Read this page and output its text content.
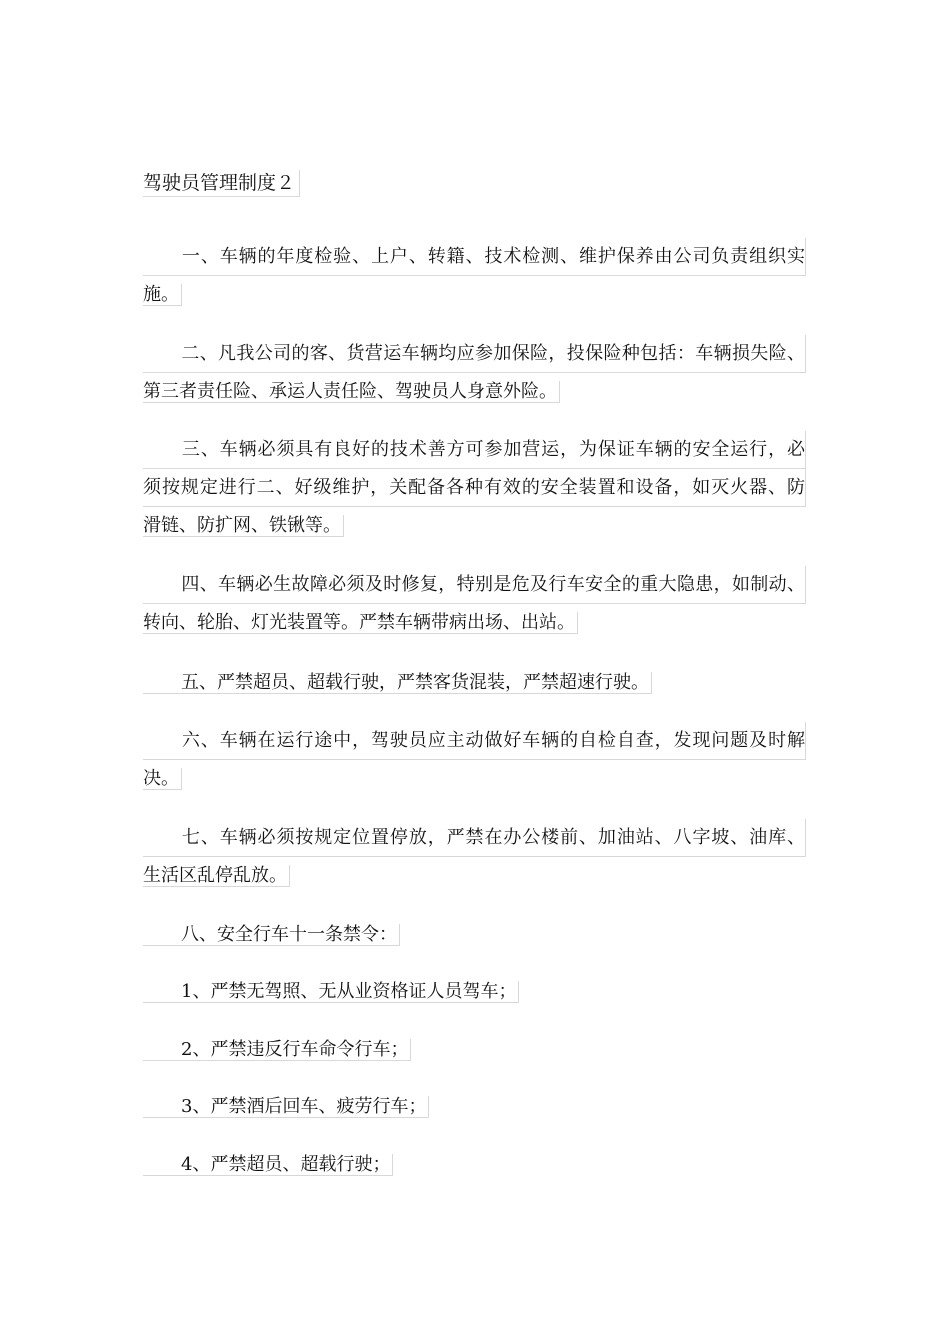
驾驶员管理制度２
一、车辆的年度检验、上户、转籍、技术检测、维护保养由公司负责组织实
施。
二、凡我公司的客、货营运车辆均应参加保险，投保险种包括：车辆损失险、
第三者责任险、承运人责任险、驾驶员人身意外险。
三、车辆必须具有良好的技术善方可参加营运，为保证车辆的安全运行，必
须按规定进行二、好级维护，关配备各种有效的安全装置和设备，如灭火器、防
滑链、防扩网、铁锹等。
四、车辆必生故障必须及时修复，特别是危及行车安全的重大隐患，如制动、
转向、轮胎、灯光装置等。严禁车辆带病出场、出站。
五、严禁超员、超载行驶，严禁客货混装，严禁超速行驶。
六、车辆在运行途中，驾驶员应主动做好车辆的自检自查，发现问题及时解
决。
七、车辆必须按规定位置停放，严禁在办公楼前、加油站、八字坡、油库、
生活区乱停乱放。
八、安全行车十一条禁令：
1、严禁无驾照、无从业资格证人员驾车；
2、严禁违反行车命令行车；
3、严禁酒后回车、疲劳行车；
4、严禁超员、超载行驶；
